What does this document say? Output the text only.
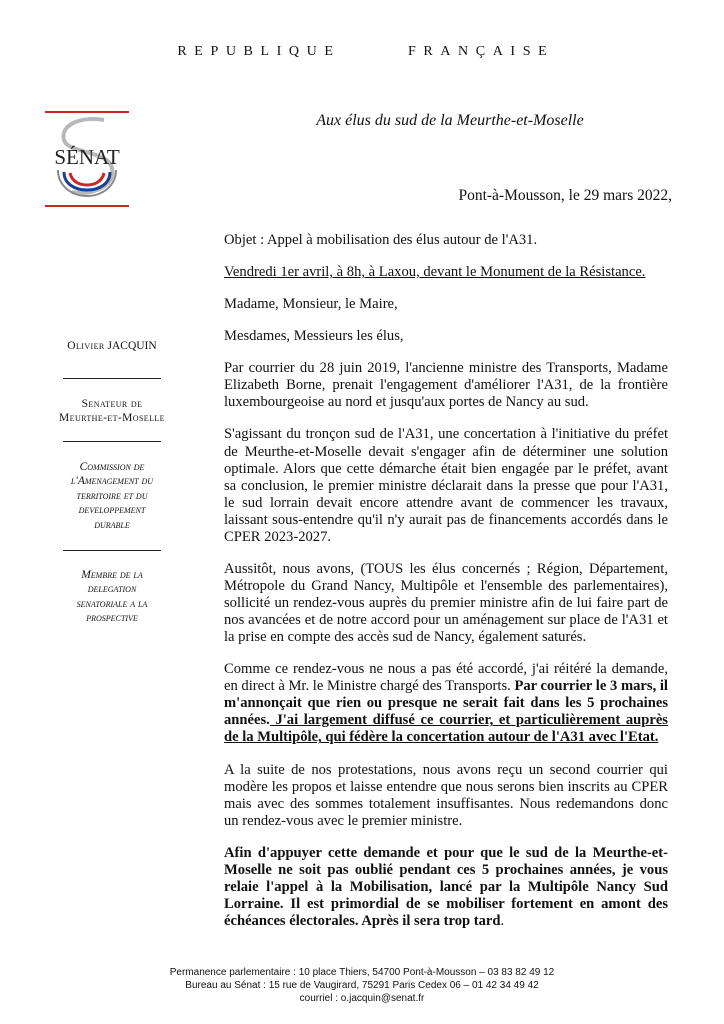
R E P U B L I Q U E	F R A N Ç A I S E
SÉNAT
Aux élus du sud de la Meurthe-et-Moselle
Pont-à-Mousson, le 29 mars 2022,
Olivier JACQUIN
Senateur de
Meurthe-et-Moselle
Commission de
l'Amenagement du
territoire et du
developpement
durable
Membre de la
delegation
senatoriale a la
prospective

Objet : Appel à mobilisation des élus autour de l'A31.

Vendredi 1er avril, à 8h, à Laxou, devant le Monument de la Résistance.

Madame, Monsieur, le Maire,

Mesdames, Messieurs les élus,

Par courrier du 28 juin 2019, l'ancienne ministre des Transports, Madame Elizabeth Borne, prenait l'engagement d'améliorer l'A31, de la frontière luxembourgeoise au nord et jusqu'aux portes de Nancy au sud.

S'agissant du tronçon sud de l'A31, une concertation à l'initiative du préfet de Meurthe-et-Moselle devait s'engager afin de déterminer une solution optimale. Alors que cette démarche était bien engagée par le préfet, avant sa conclusion, le premier ministre déclarait dans la presse que pour l'A31, le sud lorrain devait encore attendre avant de commencer les travaux, laissant sous-entendre qu'il n'y aurait pas de financements accordés dans le CPER 2023-2027.

Aussitôt, nous avons, (TOUS les élus concernés ; Région, Département, Métropole du Grand Nancy, Multipôle et l'ensemble des parlementaires), sollicité un rendez-vous auprès du premier ministre afin de lui faire part de nos avancées et de notre accord pour un aménagement sur place de l'A31 et la prise en compte des accès sud de Nancy, également saturés.

Comme ce rendez-vous ne nous a pas été accordé, j'ai réitéré la demande, en direct à Mr. le Ministre chargé des Transports. Par courrier le 3 mars, il m'annonçait que rien ou presque ne serait fait dans les 5 prochaines années. J'ai largement diffusé ce courrier, et particulièrement auprès de la Multipôle, qui fédère la concertation autour de l'A31 avec l'Etat.

A la suite de nos protestations, nous avons reçu un second courrier qui modère les propos et laisse entendre que nous serons bien inscrits au CPER mais avec des sommes totalement insuffisantes. Nous redemandons donc un rendez-vous avec le premier ministre.

Afin d'appuyer cette demande et pour que le sud de la Meurthe-et-Moselle ne soit pas oublié pendant ces 5 prochaines années, je vous relaie l'appel à la Mobilisation, lancé par la Multipôle Nancy Sud Lorraine. Il est primordial de se mobiliser fortement en amont des échéances électorales. Après il sera trop tard.

Permanence parlementaire : 10 place Thiers, 54700 Pont-à-Mousson – 03 83 82 49 12
Bureau au Sénat : 15 rue de Vaugirard, 75291 Paris Cedex 06 – 01 42 34 49 42
courriel : o.jacquin@senat.fr
